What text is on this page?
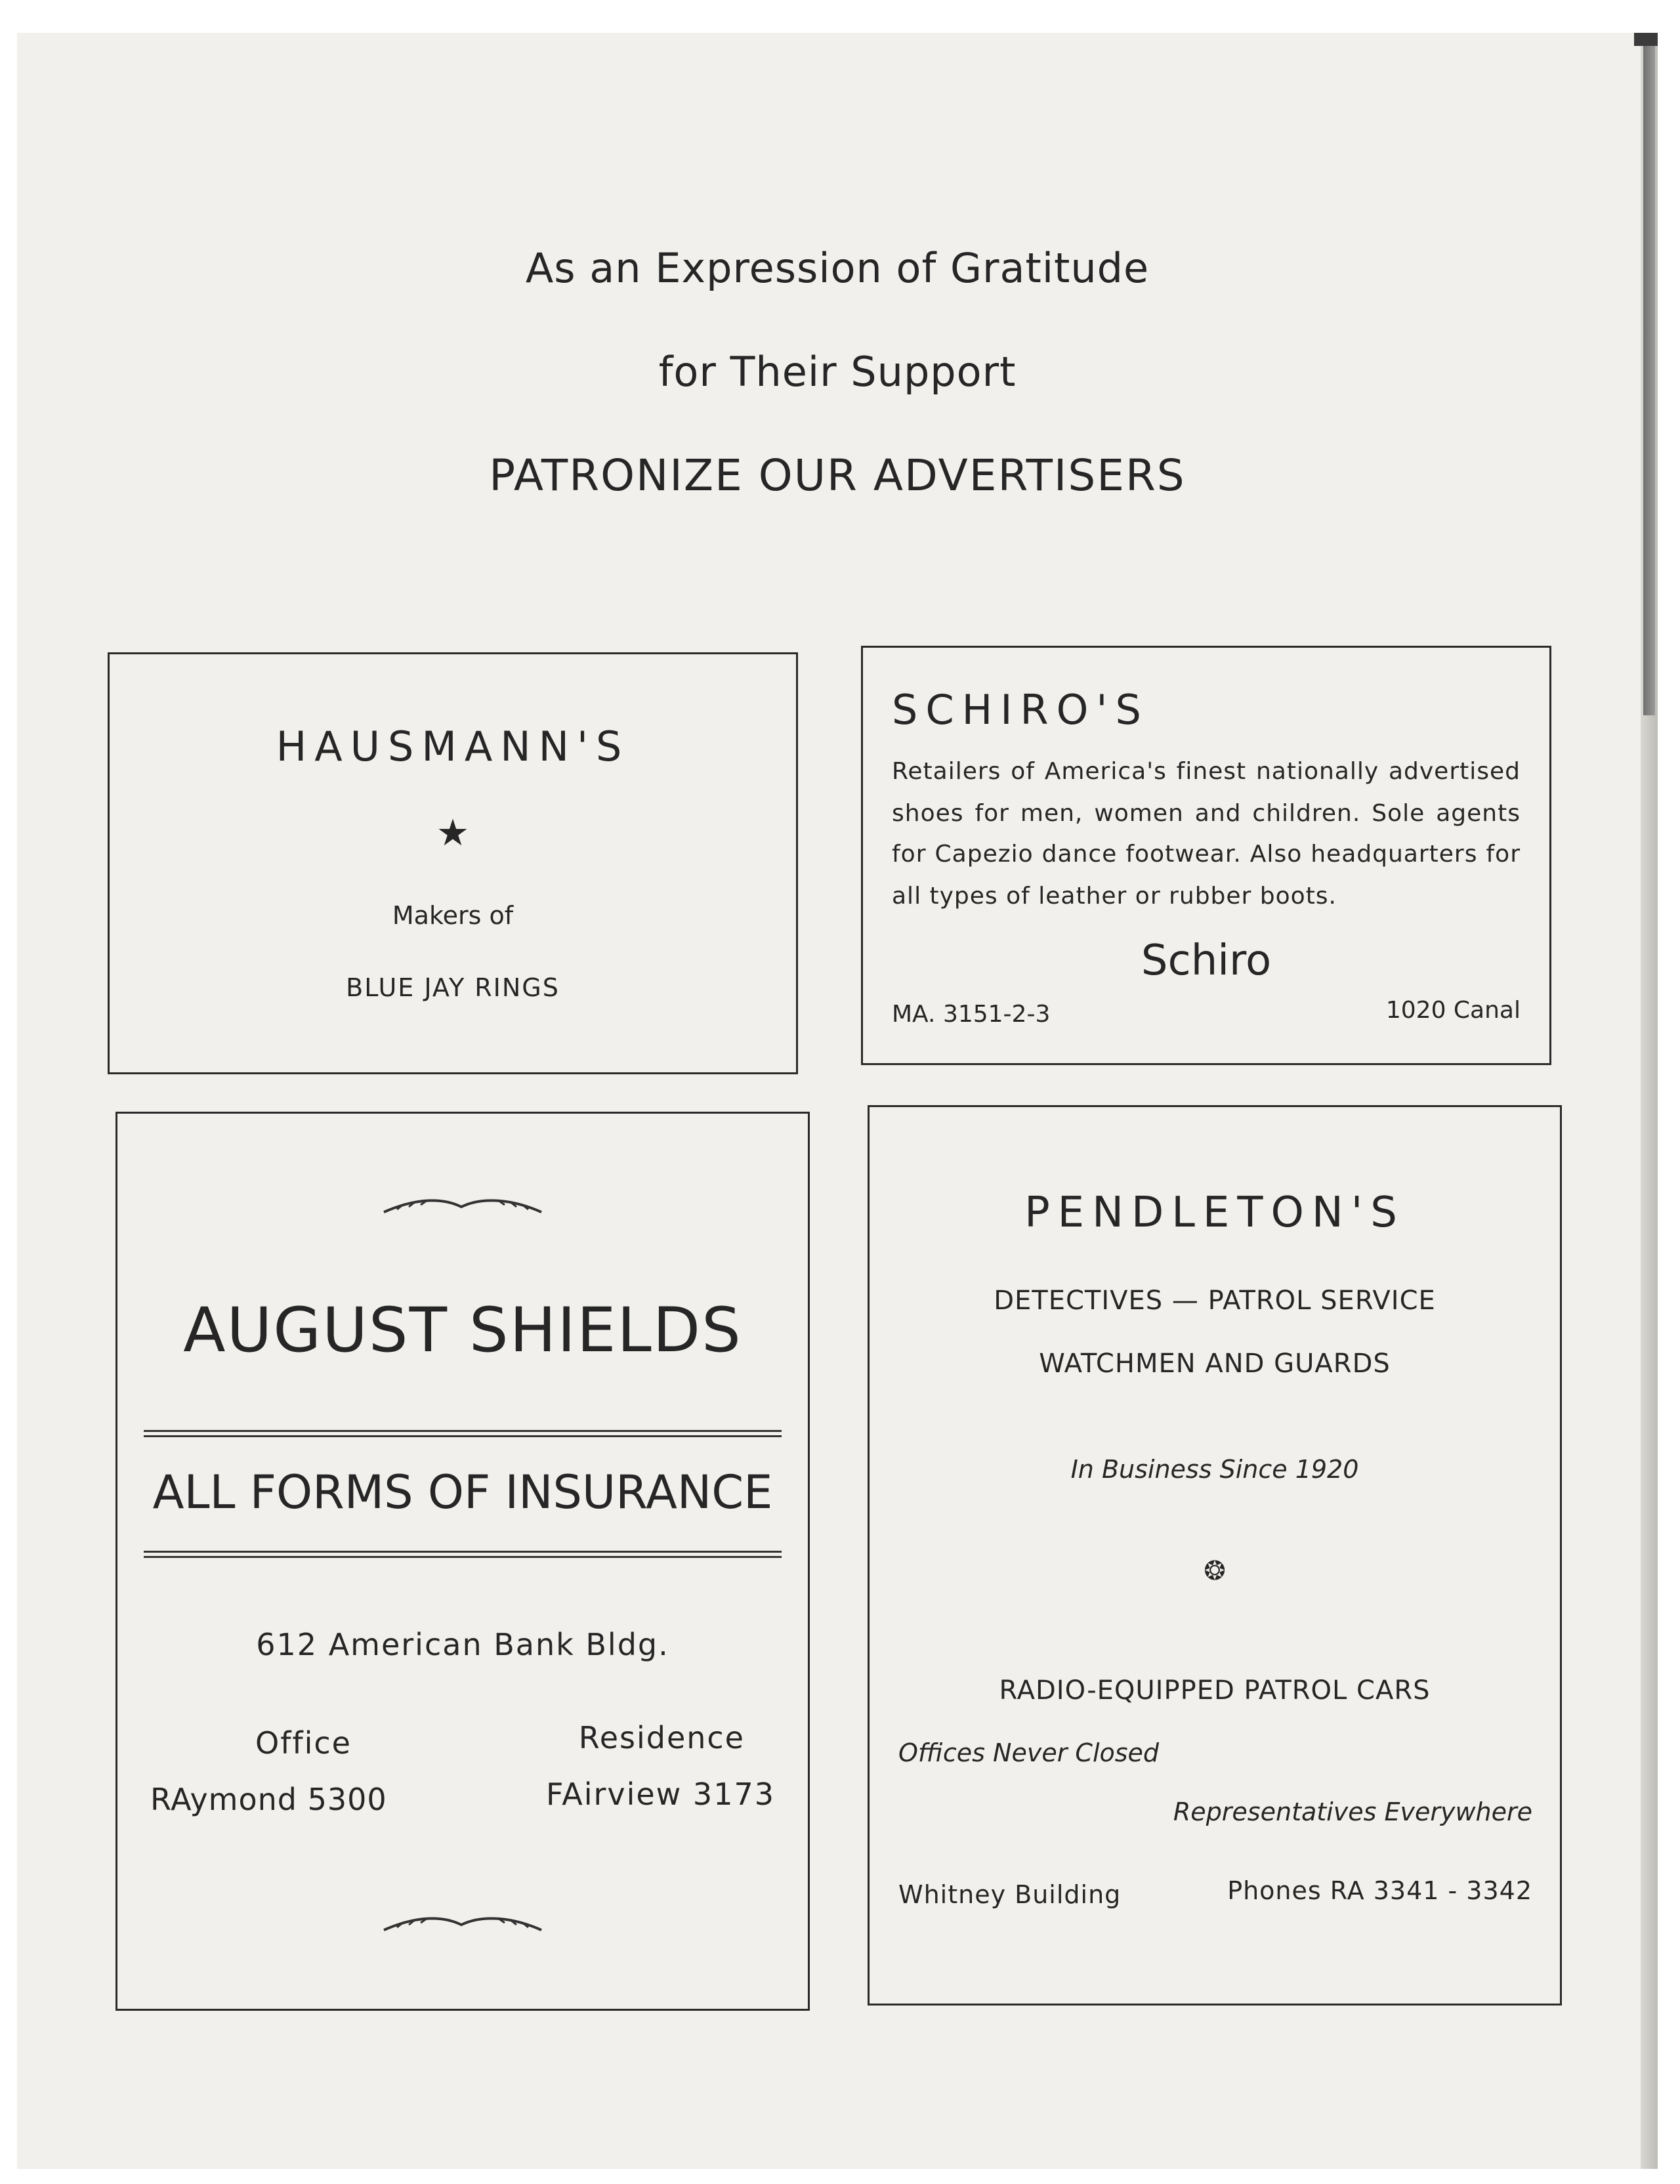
As an Expression of Gratitude
for Their Support
PATRONIZE OUR ADVERTISERS
HAUSMANN'S
★
Makers of
BLUE JAY RINGS
SCHIRO'S
Retailers of America's finest nationally advertised
shoes for men, women and children. Sole agents
for Capezio dance footwear. Also headquarters for
all types of leather or rubber boots.
Schiro
MA. 3151-2-3	1020 Canal
AUGUST SHIELDS
ALL FORMS OF INSURANCE
612 American Bank Bldg.
Office
RAymond 5300
Residence
FAirview 3173
PENDLETON'S
DETECTIVES — PATROL SERVICE
WATCHMEN AND GUARDS
In Business Since 1920
❂
RADIO-EQUIPPED PATROL CARS
Offices Never Closed
Representatives Everywhere
Whitney Building	Phones RA 3341 - 3342
